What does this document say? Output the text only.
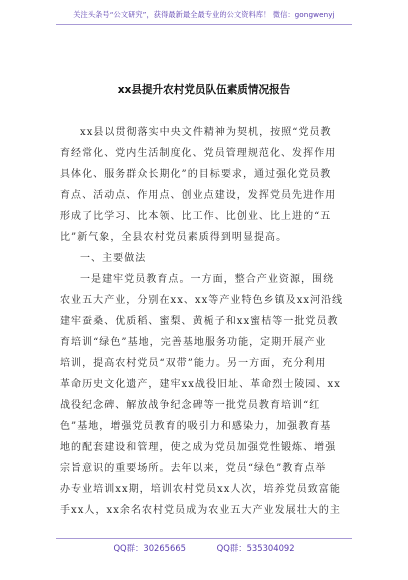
关注头条号“公文研究”，获得最新最全最专业的公文资料库！ 微信：gongwenyj
xx县提升农村党员队伍素质情况报告
xx县以贯彻落实中央文件精神为契机，按照“党员教
育经常化、党内生活制度化、党员管理规范化、发挥作用
具体化、服务群众长期化”的目标要求，通过强化党员教
育点、活动点、作用点、创业点建设，发挥党员先进作用
形成了比学习、比本领、比工作、比创业、比上进的“五
比”新气象，全县农村党员素质得到明显提高。
一、主要做法
一是建牢党员教育点。一方面，整合产业资源，围绕
农业五大产业，分别在xx、xx等产业特色乡镇及xx河沿线
建牢蚕桑、优质稻、蜜梨、黄栀子和xx蜜桔等一批党员教
育培训“绿色”基地，完善基地服务功能，定期开展产业
培训，提高农村党员“双带”能力。另一方面，充分利用
革命历史文化遗产，建牢xx战役旧址、革命烈士陵园、xx
战役纪念碑、解放战争纪念碑等一批党员教育培训“红
色”基地，增强党员教育的吸引力和感染力，加强教育基
地的配套建设和管理，使之成为党员加强党性锻炼、增强
宗旨意识的重要场所。去年以来，党员“绿色”教育点举
办专业培训xx期，培训农村党员xx人次，培养党员致富能
手xx人，xx余名农村党员成为农业五大产业发展壮大的主
QQ群：30265665	QQ群：535304092
